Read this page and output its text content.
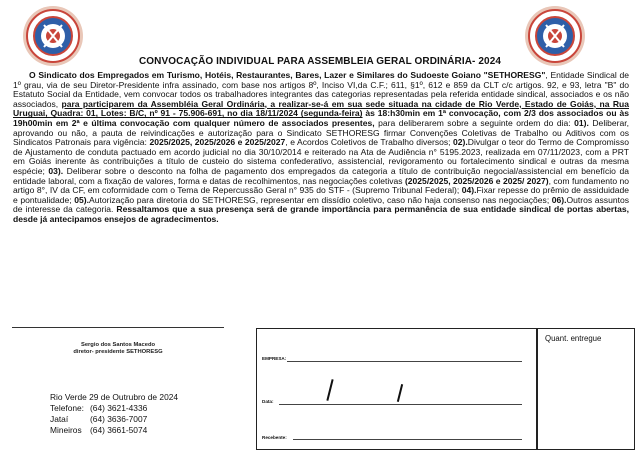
CONVOCAÇÃO INDIVIDUAL PARA ASSEMBLEIA GERAL ORDINÁRIA- 2024

O Sindicato dos Empregados em Turismo, Hotéis, Restaurantes, Bares, Lazer e Similares do Sudoeste Goiano "SETHORESG", Entidade Sindical de 1º grau, via de seu Diretor-Presidente infra assinado, com base nos artigos 8º, Inciso VI,da C.F.; 611, §1º, 612 e 859 da CLT c/c artigos. 92, e 93, letra "B" do Estatuto Social da Entidade, vem convocar todos os trabalhadores integrantes das categorias representadas pela referida entidade sindical, associados e os não associados, para participarem da Assembléia Geral Ordinária, a realizar-se-á em sua sede situada na cidade de Rio Verde, Estado de Goiás, na Rua Uruguai, Quadra: 01, Lotes: B/C, nº 91 - 75.906-691, no dia 18/11/2024 (segunda-feira) às 18:h30min em 1ª convocação, com 2/3 dos associados ou às 19h00min em 2ª e última convocação com qualquer número de associados presentes, para deliberarem sobre a seguinte ordem do dia: 01). Deliberar, aprovando ou não, a pauta de reivindicações e autorização para o Sindicato SETHORESG firmar Convenções Coletivas de Trabalho ou Aditivos com os Sindicatos Patronais para vigência: 2025/2025, 2025/2026 e 2025/2027, e Acordos Coletivos de Trabalho diversos; 02).Divulgar o teor do Termo de Compromisso de Ajustamento de conduta pactuado em acordo judicial no dia 30/10/2014 e reiterado na Ata de Audiência n° 5195.2023, realizada em 07/11/2023, com a PRT em Goiás inerente às contribuições a título de custeio do sistema confederativo, assistencial, revigoramento ou fortalecimento sindical e outras da mesma espécie; 03). Deliberar sobre o desconto na folha de pagamento dos empregados da categoria a título de contribuição negocial/assistencial em benefício da entidade laboral, com a fixação de valores, forma e datas de recolhimentos, nas negociações coletivas (2025/2025, 2025/2026 e 2025/ 2027), com fundamento no artigo 8°, IV da CF, em coformidade com o Tema de Repercussão Geral n° 935 do STF - (Supremo Tribunal Federal); 04).Fixar repesse do prêmio de assiduidade e pontualidade; 05).Autorização para diretoria do SETHORESG, representar em dissídio coletivo, caso não haja consenso nas negociações; 06).Outros assuntos de interesse da categoria. Ressaltamos que a sua presença será de grande importância para permanência de sua entidade sindical de portas abertas, desde já antecipamos ensejos de agradecimentos.

Sergio dos Santos Macedo
diretor- presidente SETHORESG
Rio Verde 29 de Outrubro de 2024
Telefone: (64) 3621-4336
Jataí	(64) 3636-7007
Mineiros (64) 3661-5074
EMPRESA:
Data:
Recebente:
Quant. entregue
